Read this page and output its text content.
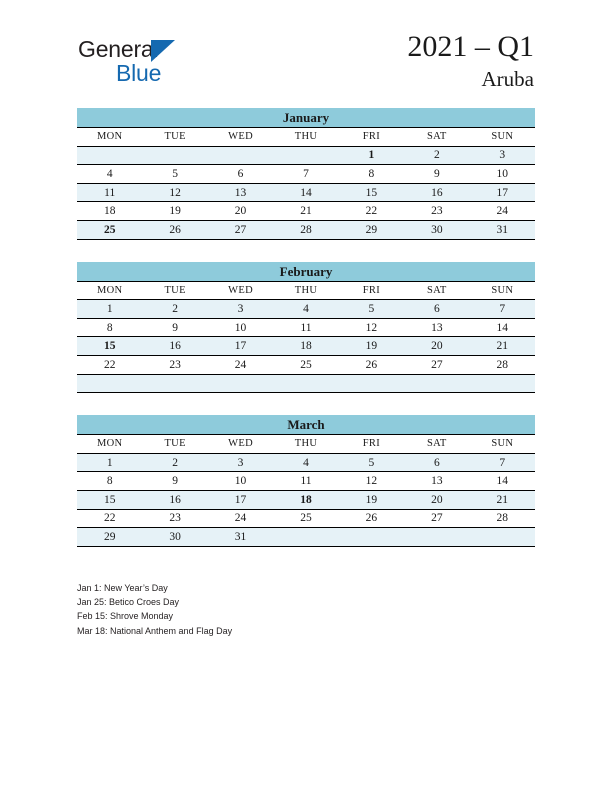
General
Blue
2021 – Q1
Aruba
January
MON	TUE	WED	THU	FRI	SAT	SUN
				1	2	3
4	5	6	7	8	9	10
11	12	13	14	15	16	17
18	19	20	21	22	23	24
25	26	27	28	29	30	31
February
MON	TUE	WED	THU	FRI	SAT	SUN
1	2	3	4	5	6	7
8	9	10	11	12	13	14
15	16	17	18	19	20	21
22	23	24	25	26	27	28

March
MON	TUE	WED	THU	FRI	SAT	SUN
1	2	3	4	5	6	7
8	9	10	11	12	13	14
15	16	17	18	19	20	21
22	23	24	25	26	27	28
29	30	31				
Jan 1: New Year’s Day
Jan 25: Betico Croes Day
Feb 15: Shrove Monday
Mar 18: National Anthem and Flag Day
